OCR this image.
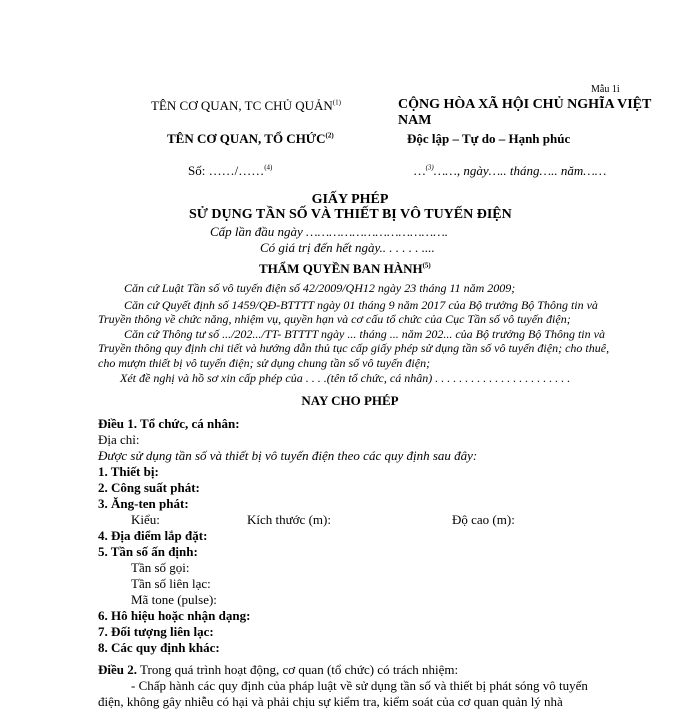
Mẫu 1i
TÊN CƠ QUAN, TC CHỦ QUẢN$^{(1)}$	CỘNG HÒA XÃ HỘI CHỦ NGHĨA VIỆT
NAM
TÊN CƠ QUAN, TỔ CHỨC$^{(2)}$	Độc lập – Tự do – Hạnh phúc
Số: ……/……$^{(4)}$	…$^{(3)}$……, ngày….. tháng….. năm……
GIẤY PHÉP
SỬ DỤNG TẦN SỐ VÀ THIẾT BỊ VÔ TUYẾN ĐIỆN
Cấp lần đầu ngày ……………………………….
Có giá trị đến hết ngày.. . . . . . ....
THẨM QUYỀN BAN HÀNH$^{(5)}$
Căn cứ Luật Tần số vô tuyến điện số 42/2009/QH12 ngày 23 tháng 11 năm 2009;
Căn cứ Quyết định số 1459/QĐ-BTTTT ngày 01 tháng 9 năm 2017 của Bộ trưởng Bộ Thông tin và Truyền thông về chức năng, nhiệm vụ, quyền hạn và cơ cấu tổ chức của Cục Tần số vô tuyến điện;
Căn cứ Thông tư số .../202.../TT- BTTTT ngày ... tháng ... năm 202... của Bộ trưởng Bộ Thông tin và Truyền thông quy định chi tiết và hướng dẫn thủ tục cấp giấy phép sử dụng tần số vô tuyến điện; cho thuê, cho mượn thiết bị vô tuyến điện; sử dụng chung tần số vô tuyến điện;
Xét đề nghị và hồ sơ xin cấp phép của . . . .(tên tổ chức, cá nhân) . . . . . . . . . . . . . . . . . . . . . . .
NAY CHO PHÉP
Điều 1. Tổ chức, cá nhân:
Địa chỉ:
Được sử dụng tần số và thiết bị vô tuyến điện theo các quy định sau đây:
1. Thiết bị:
2. Công suất phát:
3. Ăng-ten phát:
Kiểu:	Kích thước (m):	Độ cao (m):
4. Địa điểm lắp đặt:
5. Tần số ấn định:
Tần số gọi:
Tần số liên lạc:
Mã tone (pulse):
6. Hô hiệu hoặc nhận dạng:
7. Đối tượng liên lạc:
8. Các quy định khác:
Điều 2. Trong quá trình hoạt động, cơ quan (tổ chức) có trách nhiệm:
- Chấp hành các quy định của pháp luật về sử dụng tần số và thiết bị phát sóng vô tuyến
điện, không gây nhiễu có hại và phải chịu sự kiểm tra, kiểm soát của cơ quan quản lý nhà
